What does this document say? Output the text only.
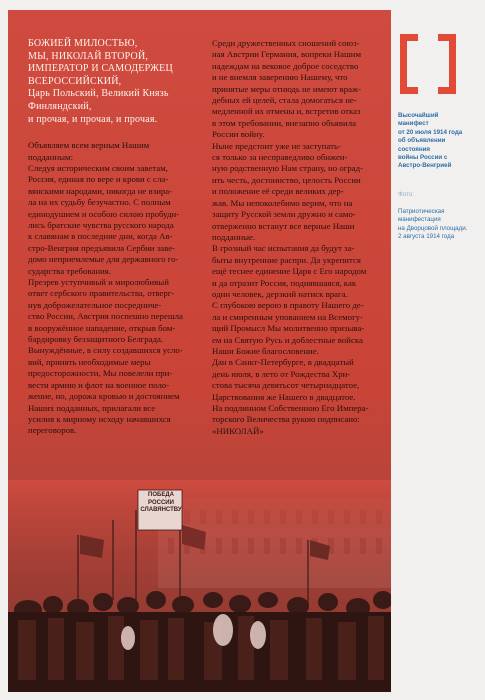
ПОБЕДА
РОССИИ
СЛАВЯНСТВУ

БОЖИЕЙ МИЛОСТЬЮ,
МЫ, НИКОЛАЙ ВТОРОЙ,
ИМПЕРАТОР И САМОДЕРЖЕЦ
ВСЕРОССИЙСКИЙ,
Царь Польский, Великий Князь
Финляндский,
и прочая, и прочая, и прочая.

Объявляем всем верным Нашим
подданным:

Следуя историческим своим заветам,
Россия, единая по вере и крови с сла-
вянскими народами, никогда не взира-
ла на их судьбу безучастно. С полным
единодушием и особою силою пробуди-
лись братские чувства русского народа
к славянам в последние дни, когда Ав-
стро-Венгрия предъявила Сербии заве-
домо неприемлемые для державного го-
сударства требования.

Презрев уступчивый и миролюбивый
ответ сербского правительства, отверг-
нув доброжелательное посредниче-
ство России, Австрия поспешно перешла
в вооружённое нападение, открыв бом-
бардировку беззащитного Белграда.
Вынуждённые, в силу создавшихся усло-
вий, принять необходимые меры
предосторожности, Мы повелели при-
вести армию и флот на военное поло-
жение, но, дорожа кровью и достоянием
Наших подданных, прилагали все
усилия к мирному исходу начавшихся
переговоров.

Среди дружественных сношений союз-
ная Австрии Германия, вопреки Нашим
надеждам на вековое доброе соседство
и не внемля заверению Нашему, что
принятые меры отнюдь не имеют враж-
дебных ей целей, стала домогаться не-
медленной их отмены и, встретив отказ
в этом требовании, внезапно объявила
России войну.

Ныне предстоит уже не заступать-
ся только за несправедливо обижен-
ную родственную Нам страну, но оград-
ить честь, достоинство, целость России
и положение её среди великих дер-
жав. Мы непоколебимо верим, что на
защиту Русской земли дружно и само-
отверженно встанут все верные Наши
подданные.

В грозный час испытания да будут за-
быты внутренние распри. Да укрепится
ещё теснее единение Царя с Его народом
и да отразит Россия, поднявшаяся, как
один человек, дерзкий натиск врага.

С глубокою верою в правоту Нашего де-
ла и смиренным упованием на Всемогу-
щий Промысл Мы молитвенно призыва-
ем на Святую Русь и доблестные войска
Наши Божие благословение.

Дан в Санкт-Петербурге, в двадцатый
день июля, в лето от Рождества Хри-
стова тысяча девятьсот четырнадцатое,
Царствования же Нашего в двадцатое.

На подлинном Собственною Его Импера-
торского Величества рукою подписано:
«НИКОЛАЙ»

Высочайший
манифест
от 20 июля 1914 года
об объявлении
состояния
войны России с
Австро-Венгрией

Фото:

Патриотическая
манифестация
на Дворцовой площади.
2 августа 1914 года
